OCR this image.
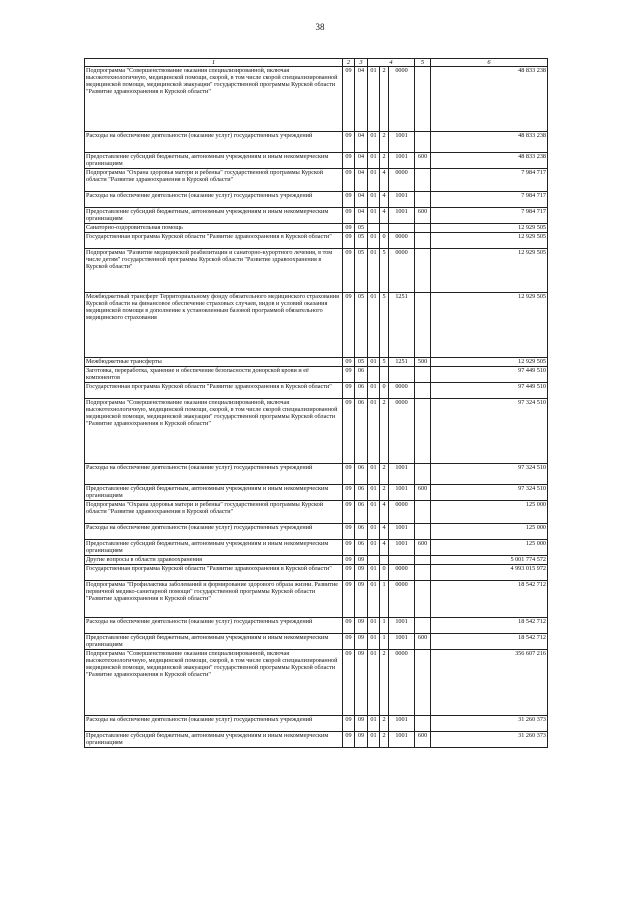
38
1	2	3	4			5	6
Подпрограмма "Совершенствование оказания специализированной, включая высокотехнологичную, медицинской помощи, скорой, в том числе скорой специализированной медицинской помощи, медицинской эвакуации" государственной программы Курской области "Развитие здравоохранения в Курской области"	09	04	01	2	0000		48 833 238
Расходы на обеспечение деятельности (оказание услуг) государственных учреждений	09	04	01	2	1001		48 833 238
Предоставление субсидий бюджетным, автономным учреждениям и иным некоммерческим организациям	09	04	01	2	1001	600	48 833 238
Подпрограмма "Охрана здоровья матери и ребенка" государственной программы Курской области "Развитие здравоохранения в Курской области"	09	04	01	4	0000		7 984 717
Расходы на обеспечение деятельности (оказание услуг) государственных учреждений	09	04	01	4	1001		7 984 717
Предоставление субсидий бюджетным, автономным учреждениям и иным некоммерческим организациям	09	04	01	4	1001	600	7 984 717
Санаторно-оздоровительная помощь	09	05					12 929 505
Государственная программа Курской области "Развитие здравоохранения в Курской области"	09	05	01	0	0000		12 929 505
Подпрограмма "Развитие медицинской реабилитации и санаторно-курортного лечения, в том числе детям" государственной программы Курской области "Развитие здравоохранения в Курской области"	09	05	01	5	0000		12 929 505
Межбюджетный трансферт Территориальному фонду обязательного медицинского страхования Курской области на финансовое обеспечение страховых случаев, видов и условий оказания медицинской помощи в дополнение к установленным базовой программой обязательного медицинского страхования	09	05	01	5	1251		12 929 505
Межбюджетные трансферты	09	05	01	5	1251	500	12 929 505
Заготовка, переработка, хранение и обеспечение безопасности донорской крови и её компонентов	09	06					97 449 510
Государственная программа Курской области "Развитие здравоохранения в Курской области"	09	06	01	0	0000		97 449 510
Подпрограмма "Совершенствование оказания специализированной, включая высокотехнологичную, медицинской помощи, скорой, в том числе скорой специализированной медицинской помощи, медицинской эвакуации" государственной программы Курской области "Развитие здравоохранения в Курской области"	09	06	01	2	0000		97 324 510
Расходы на обеспечение деятельности (оказание услуг) государственных учреждений	09	06	01	2	1001		97 324 510
Предоставление субсидий бюджетным, автономным учреждениям и иным некоммерческим организациям	09	06	01	2	1001	600	97 324 510
Подпрограмма "Охрана здоровья матери и ребенка" государственной программы Курской области "Развитие здравоохранения в Курской области"	09	06	01	4	0000		125 000
Расходы на обеспечение деятельности (оказание услуг) государственных учреждений	09	06	01	4	1001		125 000
Предоставление субсидий бюджетным, автономным учреждениям и иным некоммерческим организациям	09	06	01	4	1001	600	125 000
Другие вопросы в области здравоохранения	09	09					5 001 774 572
Государственная программа Курской области "Развитие здравоохранения в Курской области"	09	09	01	0	0000		4 993 015 972
Подпрограмма "Профилактика заболеваний и формирование здорового образа жизни. Развитие первичной медико-санитарной помощи" государственной программы Курской области "Развитие здравоохранения в Курской области"	09	09	01	1	0000		18 542 712
Расходы на обеспечение деятельности (оказание услуг) государственных учреждений	09	09	01	1	1001		18 542 712
Предоставление субсидий бюджетным, автономным учреждениям и иным некоммерческим организациям	09	09	01	1	1001	600	18 542 712
Подпрограмма "Совершенствование оказания специализированной, включая высокотехнологичную, медицинской помощи, скорой, в том числе скорой специализированной медицинской помощи, медицинской эвакуации" государственной программы Курской области "Развитие здравоохранения в Курской области"	09	09	01	2	0000		356 607 216
Расходы на обеспечение деятельности (оказание услуг) государственных учреждений	09	09	01	2	1001		31 260 373
Предоставление субсидий бюджетным, автономным учреждениям и иным некоммерческим организациям	09	09	01	2	1001	600	31 260 373
